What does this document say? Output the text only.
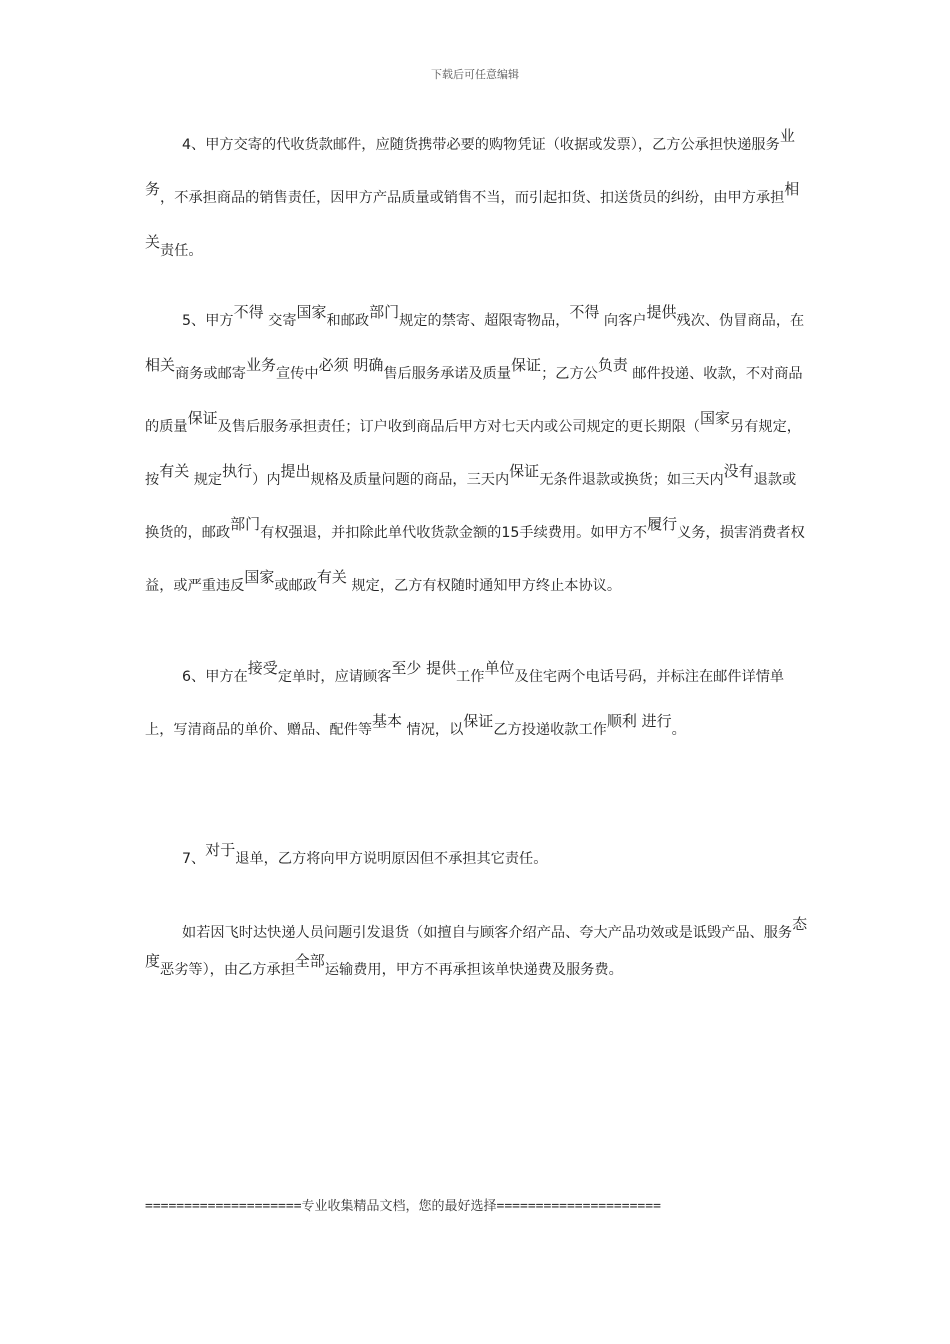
下载后可任意编辑

4、甲方交寄的代收货款邮件，应随货携带必要的购物凭证（收据或发票），乙方公承担快递服务业务，不承担商品的销售责任，因甲方产品质量或销售不当，而引起扣货、扣送货员的纠纷，由甲方承担相关责任。

5、甲方不得 交寄国家和邮政部门规定的禁寄、超限寄物品，不得 向客户提供残次、伪冒商品，在相关商务或邮寄业务宣传中必须 明确售后服务承诺及质量保证；乙方公负责 邮件投递、收款，不对商品的质量保证及售后服务承担责任；订户收到商品后甲方对七天内或公司规定的更长期限（国家另有规定，按有关 规定执行）内提出规格及质量问题的商品，三天内保证无条件退款或换货；如三天内没有退款或换货的，邮政部门有权强退，并扣除此单代收货款金额的15手续费用。如甲方不履行义务，损害消费者权益，或严重违反国家或邮政有关 规定，乙方有权随时通知甲方终止本协议。

6、甲方在接受定单时，应请顾客至少 提供工作单位及住宅两个电话号码，并标注在邮件详情单上，写清商品的单价、赠品、配件等基本 情况，以保证乙方投递收款工作顺利 进行。

7、对于退单，乙方将向甲方说明原因但不承担其它责任。

如若因飞时达快递人员问题引发退货（如擅自与顾客介绍产品、夸大产品功效或是诋毁产品、服务态度恶劣等），由乙方承担全部运输费用，甲方不再承担该单快递费及服务费。

====================专业收集精品文档，您的最好选择=====================
